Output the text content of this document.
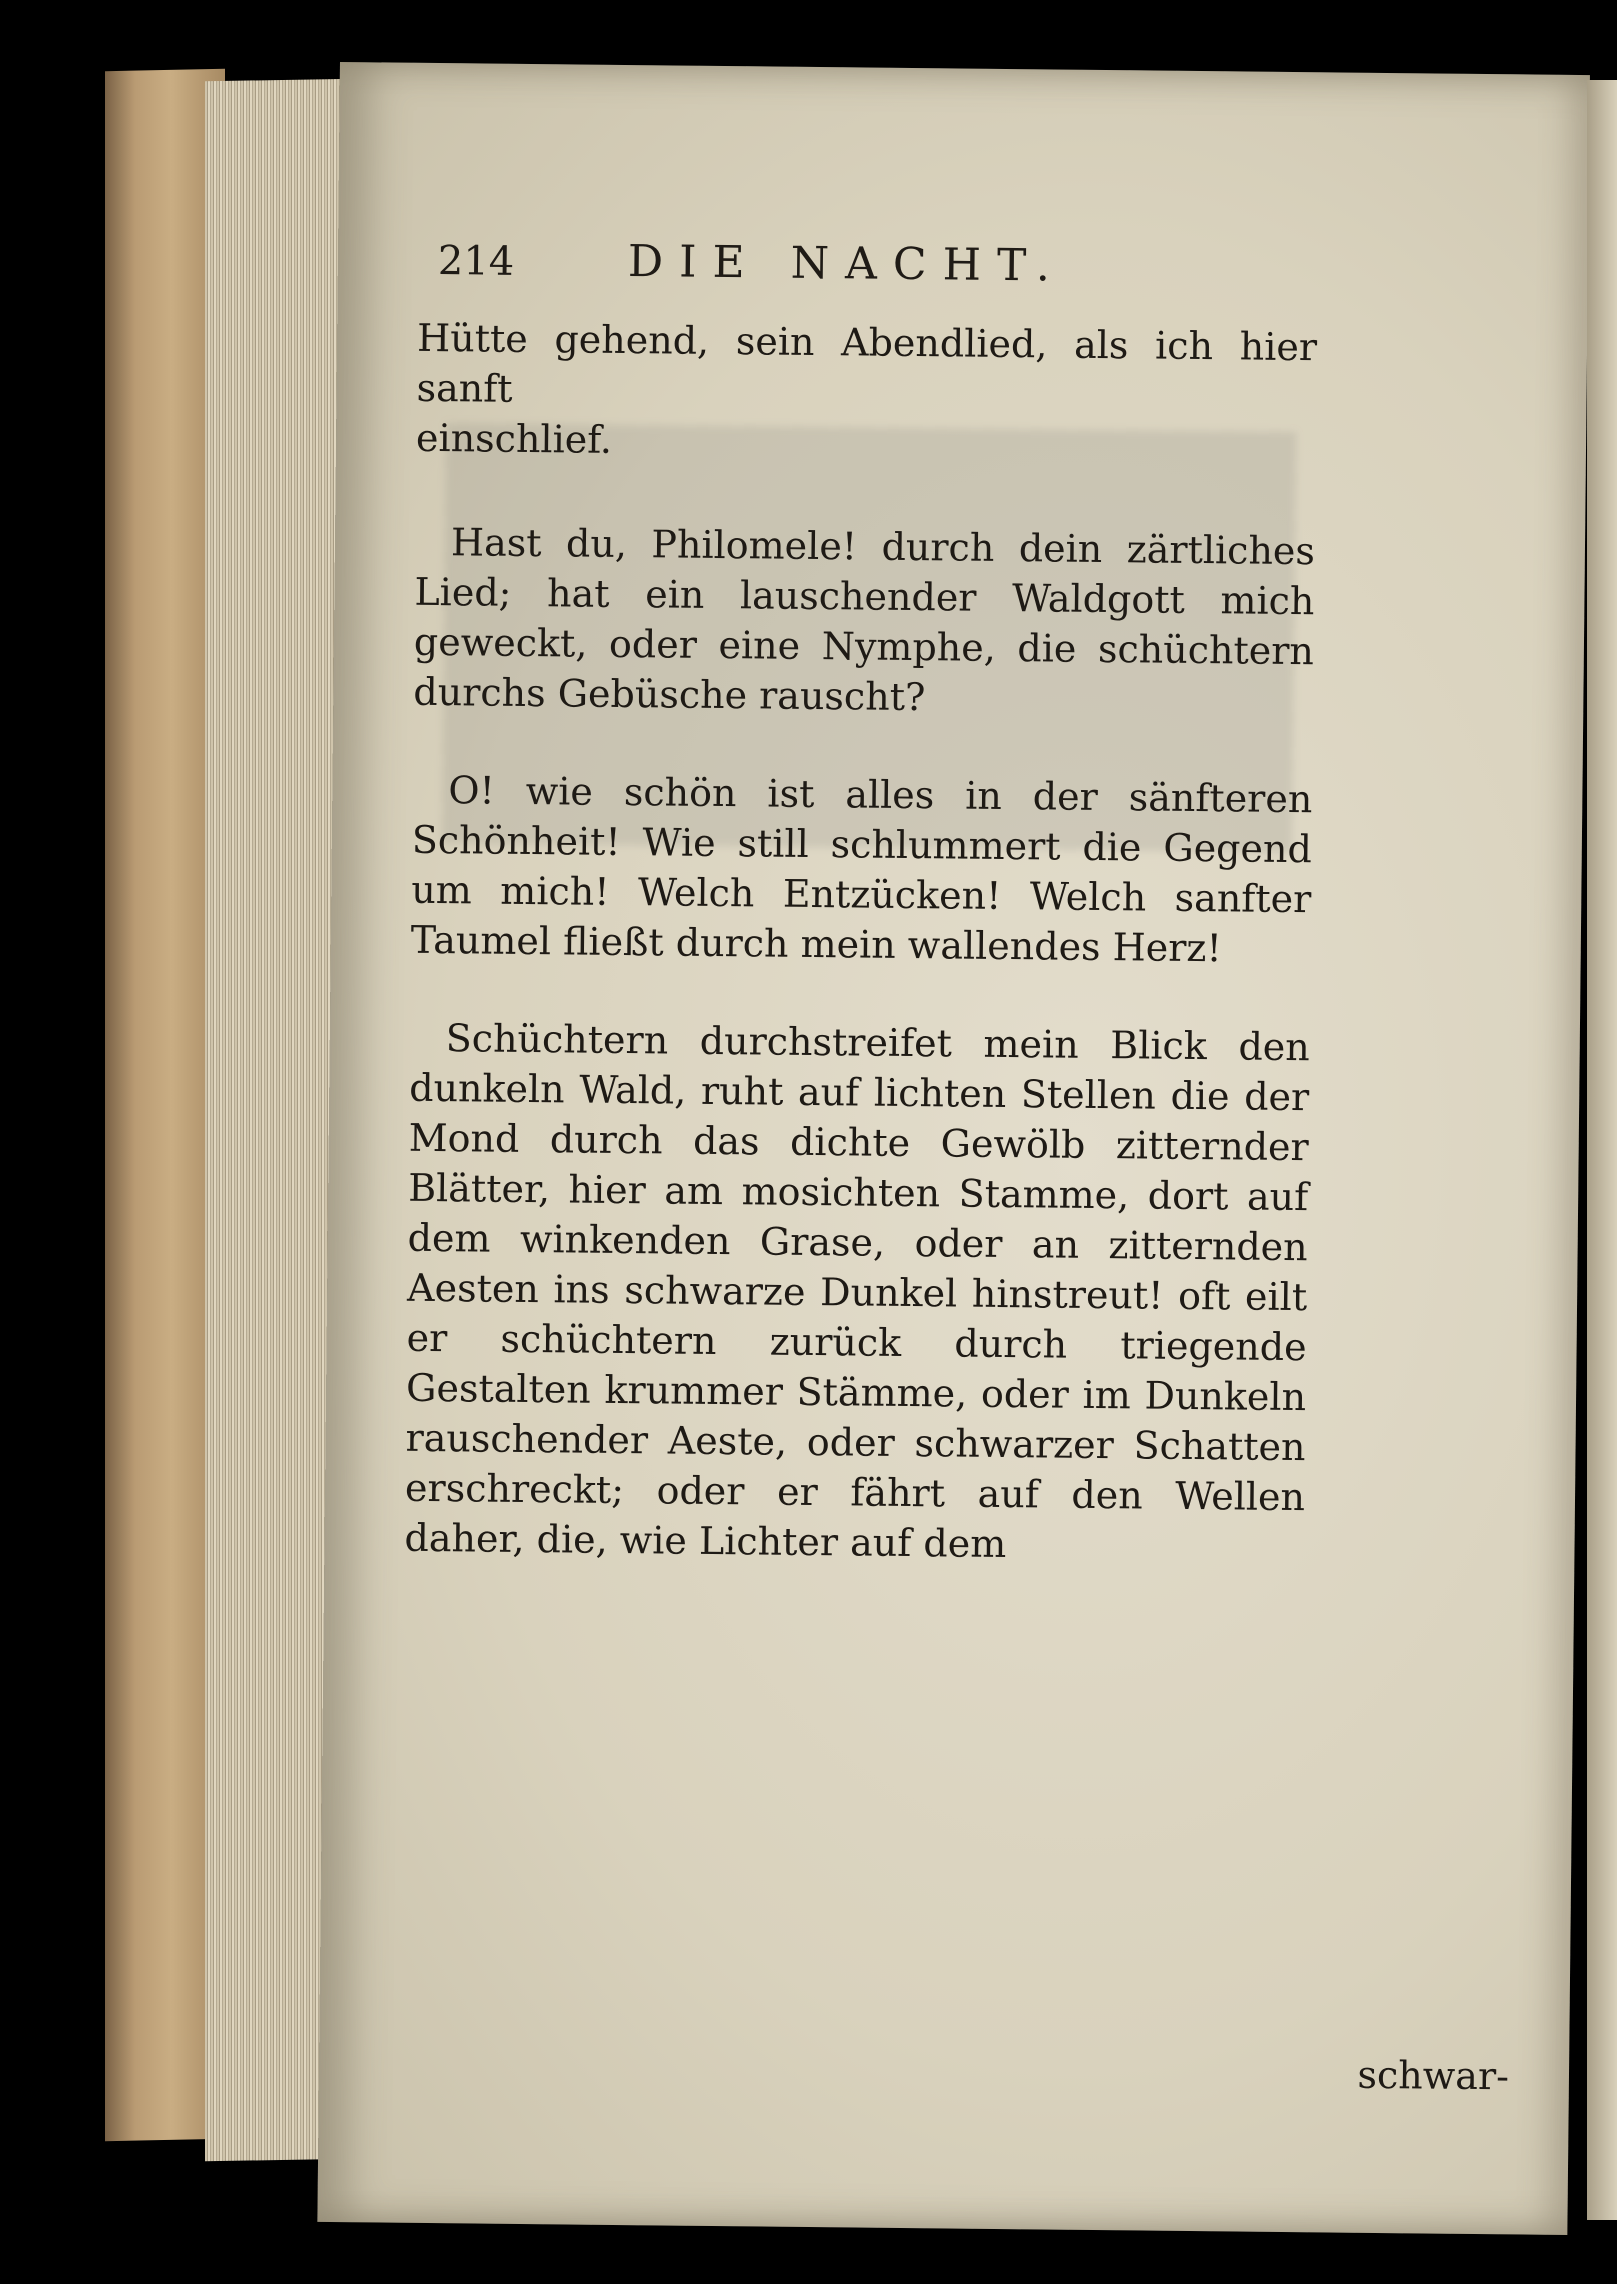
214	DIE NACHT.

Hütte gehend, sein Abendlied, als ich hier sanft
einschlief.

Hast du, Philomele! durch dein zärtliches Lied; hat ein lauschender Waldgott mich geweckt, oder eine Nymphe, die schüchtern durchs Gebüsche rauscht?

O! wie schön ist alles in der sänfteren Schönheit! Wie still schlummert die Gegend um mich! Welch Entzücken! Welch sanfter Taumel fließt durch mein wallendes Herz!

Schüchtern durchstreifet mein Blick den dunkeln Wald, ruht auf lichten Stellen die der Mond durch das dichte Gewölb zitternder Blätter, hier am mosichten Stamme, dort auf dem winkenden Grase, oder an zitternden Aesten ins schwarze Dunkel hinstreut! oft eilt er schüchtern zurück durch triegende Gestalten krummer Stämme, oder im Dunkeln rauschender Aeste, oder schwarzer Schatten erschreckt; oder er fährt auf den Wellen daher, die, wie Lichter auf dem

schwar-
